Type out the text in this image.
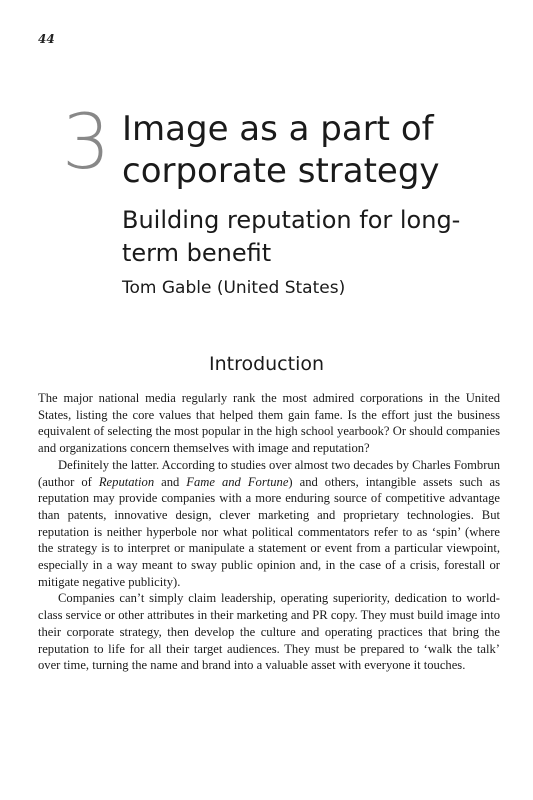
44
3 Image as a part of corporate strategy
Building reputation for long-term benefit
Tom Gable (United States)
Introduction

The major national media regularly rank the most admired corporations in the United States, listing the core values that helped them gain fame. Is the effort just the business equivalent of selecting the most popular in the high school yearbook? Or should companies and organizations concern themselves with image and reputation?

Definitely the latter. According to studies over almost two decades by Charles Fombrun (author of Reputation and Fame and Fortune) and others, intangible assets such as reputation may provide companies with a more enduring source of competitive advantage than patents, innovative design, clever marketing and proprietary technologies. But reputation is neither hyperbole nor what political commentators refer to as ‘spin’ (where the strategy is to interpret or manipulate a statement or event from a particular viewpoint, especially in a way meant to sway public opinion and, in the case of a crisis, forestall or mitigate negative publicity).

Companies can’t simply claim leadership, operating superiority, dedication to world-class service or other attributes in their marketing and PR copy. They must build image into their corporate strategy, then develop the culture and operating practices that bring the reputation to life for all their target audiences. They must be prepared to ‘walk the talk’ over time, turning the name and brand into a valuable asset with everyone it touches.
